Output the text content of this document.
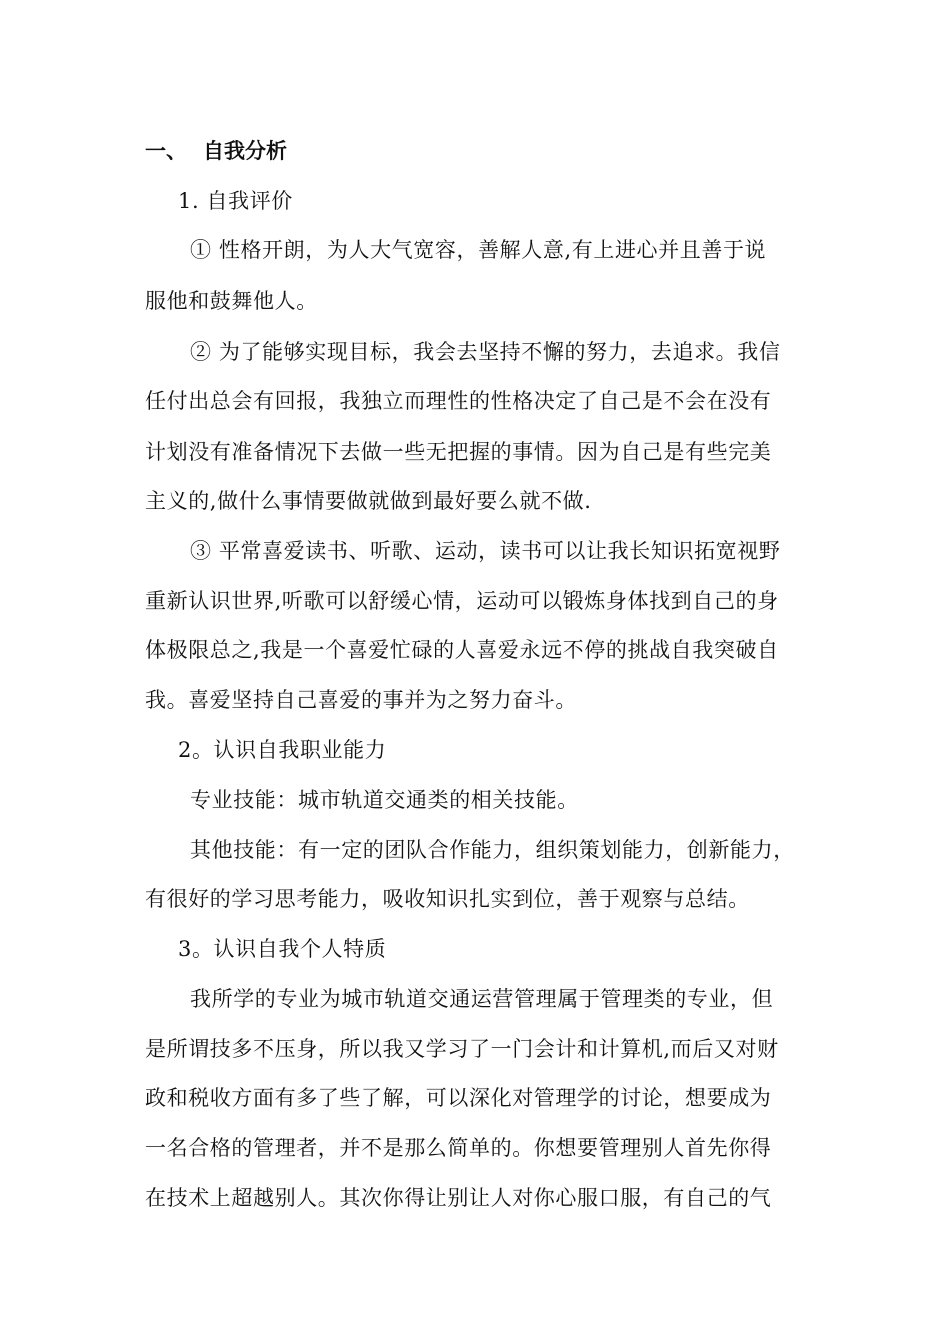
一、 自我分析
1. 自我评价
① 性格开朗，为人大气宽容，善解人意,有上进心并且善于说
服他和鼓舞他人。
② 为了能够实现目标，我会去坚持不懈的努力，去追求。我信
任付出总会有回报，我独立而理性的性格决定了自己是不会在没有
计划没有准备情况下去做一些无把握的事情。因为自己是有些完美
主义的,做什么事情要做就做到最好要么就不做.
③ 平常喜爱读书、听歌、运动，读书可以让我长知识拓宽视野
重新认识世界,听歌可以舒缓心情，运动可以锻炼身体找到自己的身
体极限总之,我是一个喜爱忙碌的人喜爱永远不停的挑战自我突破自
我。喜爱坚持自己喜爱的事并为之努力奋斗。
2。认识自我职业能力
专业技能：城市轨道交通类的相关技能。
其他技能：有一定的团队合作能力，组织策划能力，创新能力，
有很好的学习思考能力，吸收知识扎实到位，善于观察与总结。
3。认识自我个人特质
我所学的专业为城市轨道交通运营管理属于管理类的专业，但
是所谓技多不压身，所以我又学习了一门会计和计算机,而后又对财
政和税收方面有多了些了解，可以深化对管理学的讨论，想要成为
一名合格的管理者，并不是那么简单的。你想要管理别人首先你得
在技术上超越别人。其次你得让别让人对你心服口服，有自己的气
